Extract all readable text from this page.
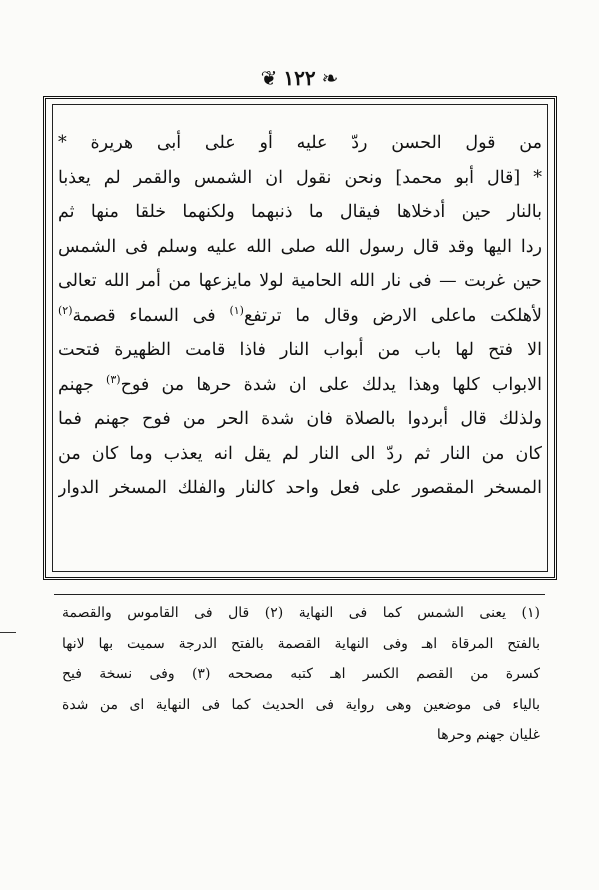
❦ ١٢٢ ❧
من قول الحسن ردّ عليه أو على أبى هريرة *
* [قال أبو محمد] ونحن نقول ان الشمس والقمر لم يعذبا
بالنار حين أدخلاها فيقال ما ذنبهما ولكنهما خلقا منها ثم
ردا اليها وقد قال رسول الله صلى الله عليه وسلم فى الشمس
حين غربت — فى نار الله الحامية لولا مايزعها من أمر الله تعالى
لأهلكت ماعلى الارض وقال ما ترتفع$^{(١)}$ فى السماء قصمة$^{(٢)}$
الا فتح لها باب من أبواب النار فاذا قامت الظهيرة فتحت
الابواب كلها وهذا يدلك على ان شدة حرها من فوح$^{(٣)}$ جهنم
ولذلك قال أبردوا بالصلاة فان شدة الحر من فوح جهنم فما
كان من النار ثم ردّ الى النار لم يقل انه يعذب وما كان من
المسخر المقصور على فعل واحد كالنار والفلك المسخر الدوار
(١) يعنى الشمس كما فى النهاية (٢) قال فى القاموس والقصمة
بالفتح المرقاة اهـ وفى النهاية القصمة بالفتح الدرجة سميت بها لانها
كسرة من القصم الكسر اهـ كتبه مصححه (٣) وفى نسخة فيح
بالياء فى موضعين وهى رواية فى الحديث كما فى النهاية اى من شدة
غليان جهنم وحرها
